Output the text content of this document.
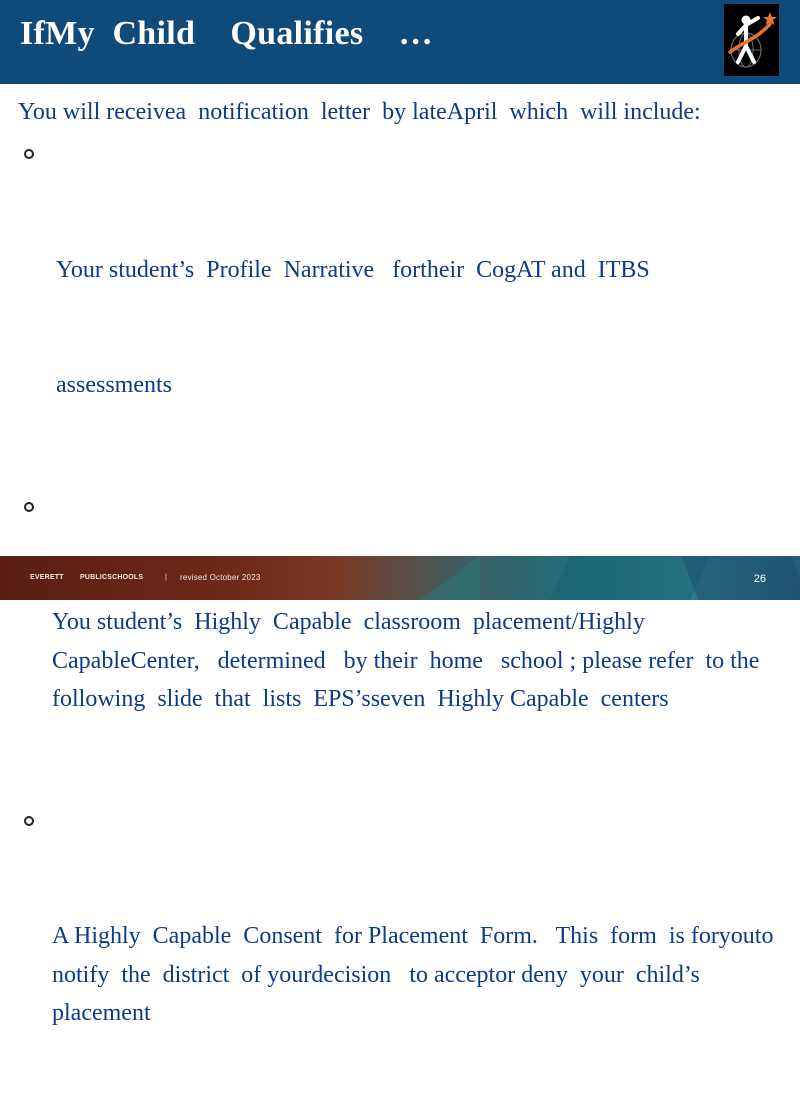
IfMy  Child    Qualifies    …

You will receivea  notification  letter  by lateApril  which  will include:

Your student’s  Profile  Narrative   fortheir  CogAT and  ITBS

assessments

You student’s  Highly  Capable  classroom  placement/Highly CapableCenter,   determined   by their  home   school ; please refer  to the  following  slide  that  lists  EPS’sseven  Highly Capable  centers

A Highly  Capable  Consent  for Placement  Form.   This  form  is foryouto  notify  the  district  of yourdecision   to acceptor deny  your  child’s  placement

EVERETT PUBLICSCHOOLS	| revised October 2023	26
